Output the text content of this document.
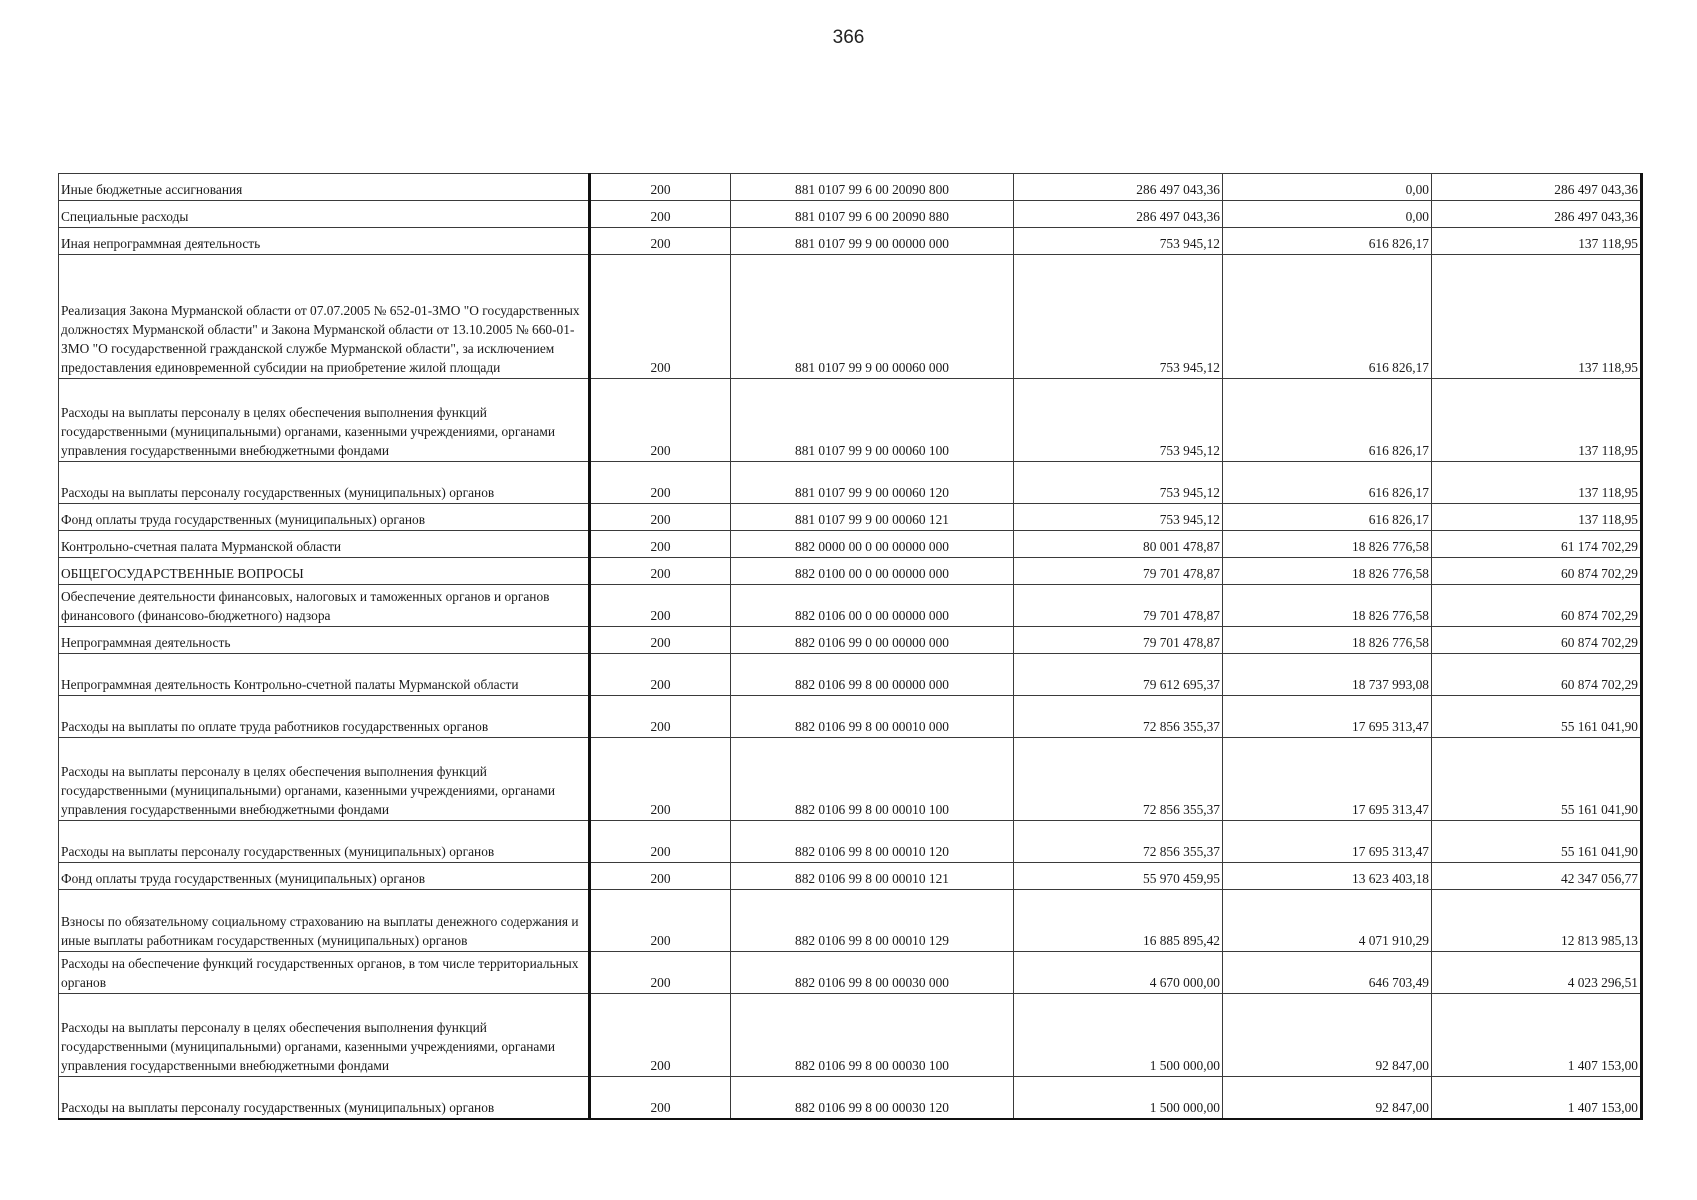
366
Иные бюджетные ассигнования	200	881 0107 99 6 00 20090 800	286 497 043,36	0,00	286 497 043,36
Специальные расходы	200	881 0107 99 6 00 20090 880	286 497 043,36	0,00	286 497 043,36
Иная непрограммная деятельность	200	881 0107 99 9 00 00000 000	753 945,12	616 826,17	137 118,95
Реализация Закона Мурманской области от 07.07.2005 № 652-01-ЗМО "О государственных должностях Мурманской области" и Закона Мурманской области от 13.10.2005 № 660-01-ЗМО "О государственной гражданской службе Мурманской области", за исключением предоставления единовременной субсидии на приобретение жилой площади	200	881 0107 99 9 00 00060 000	753 945,12	616 826,17	137 118,95
Расходы на выплаты персоналу в целях обеспечения выполнения функций государственными (муниципальными) органами, казенными учреждениями, органами управления государственными внебюджетными фондами	200	881 0107 99 9 00 00060 100	753 945,12	616 826,17	137 118,95
Расходы на выплаты персоналу государственных (муниципальных) органов	200	881 0107 99 9 00 00060 120	753 945,12	616 826,17	137 118,95
Фонд оплаты труда государственных (муниципальных) органов	200	881 0107 99 9 00 00060 121	753 945,12	616 826,17	137 118,95
Контрольно-счетная палата Мурманской области	200	882 0000 00 0 00 00000 000	80 001 478,87	18 826 776,58	61 174 702,29
ОБЩЕГОСУДАРСТВЕННЫЕ ВОПРОСЫ	200	882 0100 00 0 00 00000 000	79 701 478,87	18 826 776,58	60 874 702,29
Обеспечение деятельности финансовых, налоговых и таможенных органов и органов финансового (финансово-бюджетного) надзора	200	882 0106 00 0 00 00000 000	79 701 478,87	18 826 776,58	60 874 702,29
Непрограммная деятельность	200	882 0106 99 0 00 00000 000	79 701 478,87	18 826 776,58	60 874 702,29
Непрограммная деятельность Контрольно-счетной палаты Мурманской области	200	882 0106 99 8 00 00000 000	79 612 695,37	18 737 993,08	60 874 702,29
Расходы на выплаты по оплате труда работников государственных органов	200	882 0106 99 8 00 00010 000	72 856 355,37	17 695 313,47	55 161 041,90
Расходы на выплаты персоналу в целях обеспечения выполнения функций государственными (муниципальными) органами, казенными учреждениями, органами управления государственными внебюджетными фондами	200	882 0106 99 8 00 00010 100	72 856 355,37	17 695 313,47	55 161 041,90
Расходы на выплаты персоналу государственных (муниципальных) органов	200	882 0106 99 8 00 00010 120	72 856 355,37	17 695 313,47	55 161 041,90
Фонд оплаты труда государственных (муниципальных) органов	200	882 0106 99 8 00 00010 121	55 970 459,95	13 623 403,18	42 347 056,77
Взносы по обязательному социальному страхованию на выплаты денежного содержания и иные выплаты работникам государственных (муниципальных) органов	200	882 0106 99 8 00 00010 129	16 885 895,42	4 071 910,29	12 813 985,13
Расходы на обеспечение функций государственных органов, в том числе территориальных органов	200	882 0106 99 8 00 00030 000	4 670 000,00	646 703,49	4 023 296,51
Расходы на выплаты персоналу в целях обеспечения выполнения функций государственными (муниципальными) органами, казенными учреждениями, органами управления государственными внебюджетными фондами	200	882 0106 99 8 00 00030 100	1 500 000,00	92 847,00	1 407 153,00
Расходы на выплаты персоналу государственных (муниципальных) органов	200	882 0106 99 8 00 00030 120	1 500 000,00	92 847,00	1 407 153,00
